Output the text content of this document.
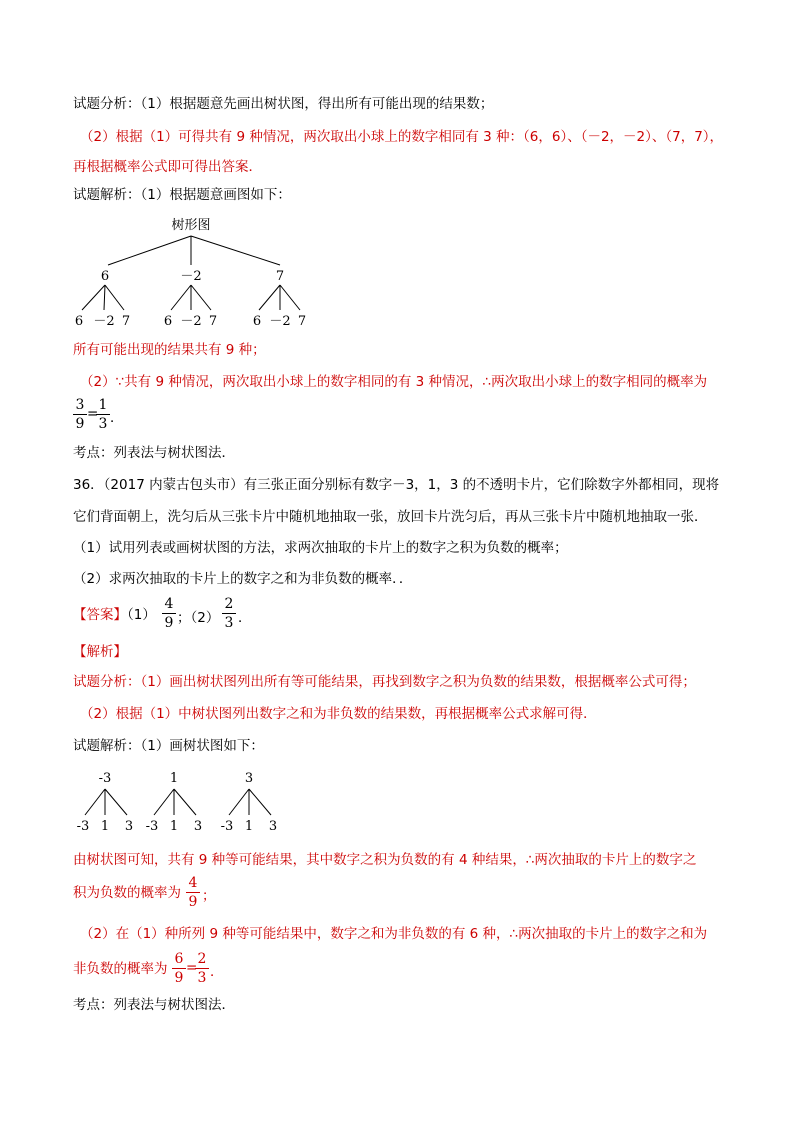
试题分析：（1）根据题意先画出树状图，得出所有可能出现的结果数；
（2）根据（1）可得共有 9 种情况，两次取出小球上的数字相同有 3 种：（6，6）、（－2，－2）、（7，7），
再根据概率公式即可得出答案．
试题解析：（1）根据题意画图如下：
树形图
6	－2	7
6 －2 7	6 －2 7	6 －2 7
所有可能出现的结果共有 9 种；
（2）∵共有 9 种情况，两次取出小球上的数字相同的有 3 种情况，∴两次取出小球上的数字相同的概率为
3
9
=
1
3 ．
考点：列表法与树状图法．
36．（2017 内蒙古包头市）有三张正面分别标有数字－3，1，3 的不透明卡片，它们除数字外都相同，现将
它们背面朝上，洗匀后从三张卡片中随机地抽取一张，放回卡片洗匀后，再从三张卡片中随机地抽取一张．
（1）试用列表或画树状图的方法，求两次抽取的卡片上的数字之积为负数的概率；
（2）求两次抽取的卡片上的数字之和为非负数的概率．．
【答案】（1）
4
9 ；（2）
2
3 ．
【解析】
试题分析：（1）画出树状图列出所有等可能结果，再找到数字之积为负数的结果数，根据概率公式可得；
（2）根据（1）中树状图列出数字之和为非负数的结果数，再根据概率公式求解可得．
试题解析：（1）画树状图如下：
-3	1	3
-3 1 3 -3 1 3 -3 1 3
由树状图可知，共有 9 种等可能结果，其中数字之积为负数的有 4 种结果，∴两次抽取的卡片上的数字之
积为负数的概率为
4
9 ；
（2）在（1）种所列 9 种等可能结果中，数字之和为非负数的有 6 种，∴两次抽取的卡片上的数字之和为
非负数的概率为
6
9
=
2
3 ．
考点：列表法与树状图法．
